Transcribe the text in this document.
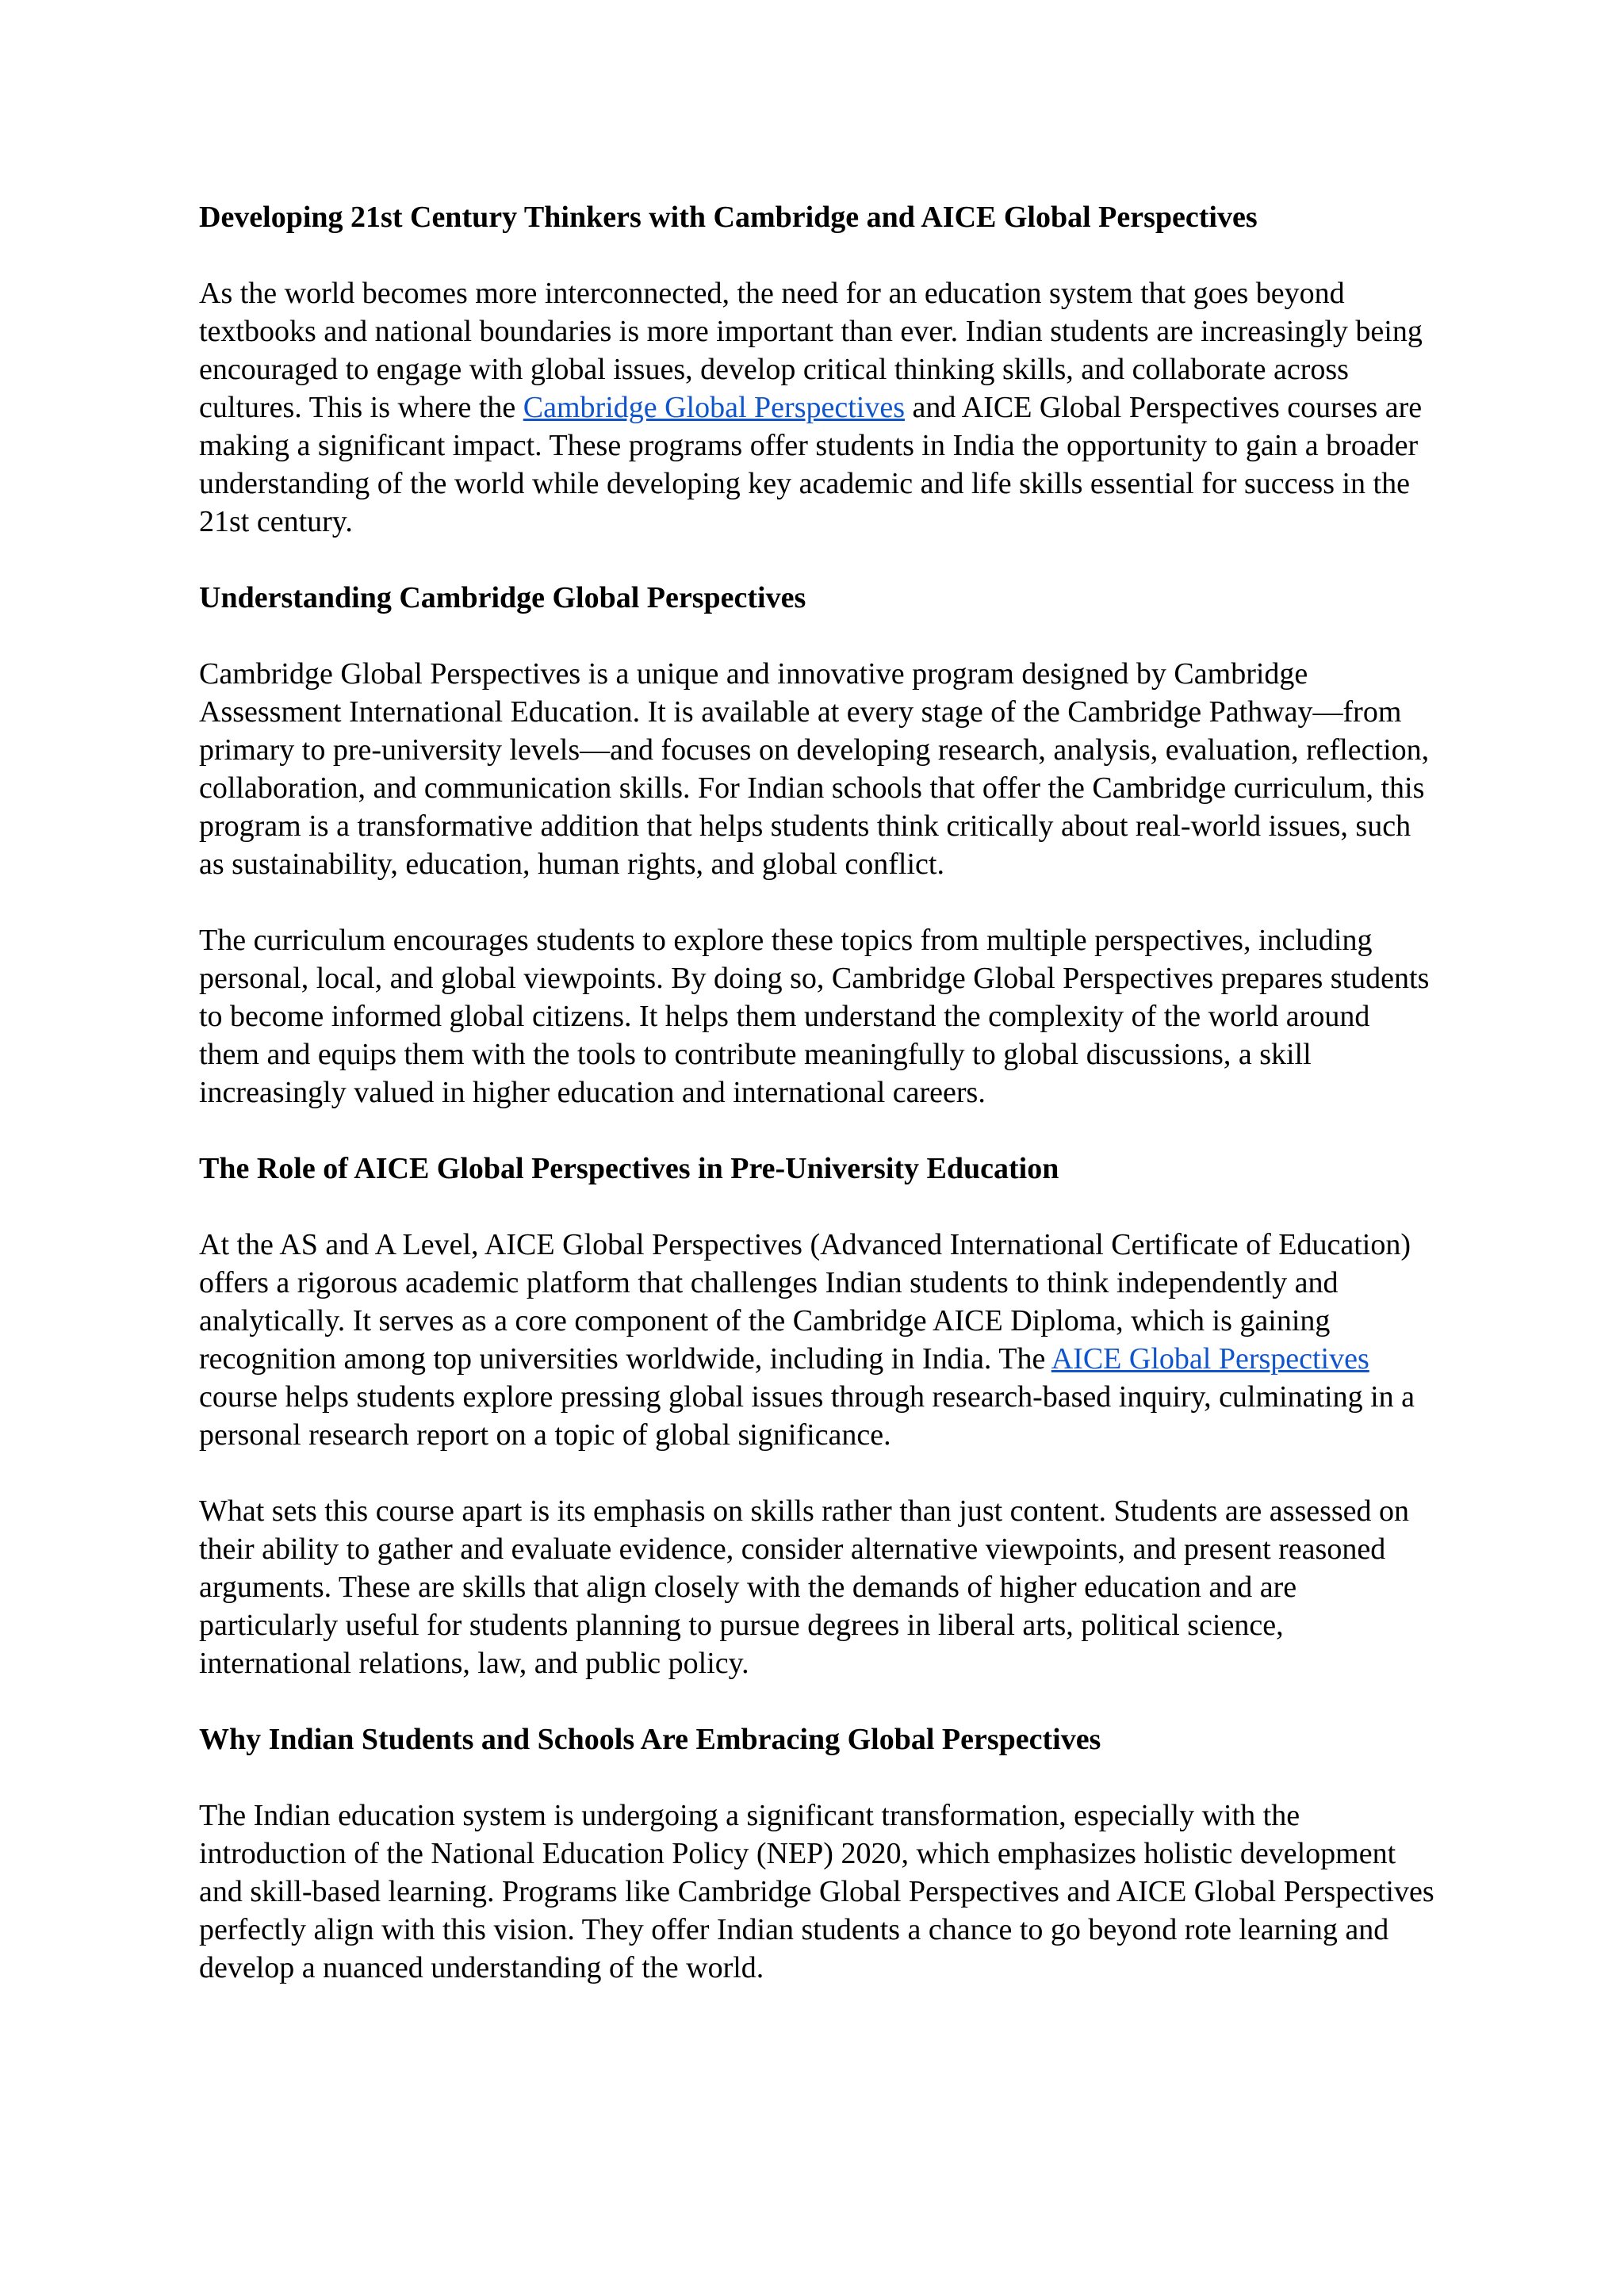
Developing 21st Century Thinkers with Cambridge and AICE Global Perspectives

As the world becomes more interconnected, the need for an education system that goes beyond textbooks and national boundaries is more important than ever. Indian students are increasingly being encouraged to engage with global issues, develop critical thinking skills, and collaborate across cultures. This is where the Cambridge Global Perspectives and AICE Global Perspectives courses are making a significant impact. These programs offer students in India the opportunity to gain a broader understanding of the world while developing key academic and life skills essential for success in the 21st century.

Understanding Cambridge Global Perspectives

Cambridge Global Perspectives is a unique and innovative program designed by Cambridge Assessment International Education. It is available at every stage of the Cambridge Pathway—from primary to pre-university levels—and focuses on developing research, analysis, evaluation, reflection, collaboration, and communication skills. For Indian schools that offer the Cambridge curriculum, this program is a transformative addition that helps students think critically about real-world issues, such as sustainability, education, human rights, and global conflict.

The curriculum encourages students to explore these topics from multiple perspectives, including personal, local, and global viewpoints. By doing so, Cambridge Global Perspectives prepares students to become informed global citizens. It helps them understand the complexity of the world around them and equips them with the tools to contribute meaningfully to global discussions, a skill increasingly valued in higher education and international careers.

The Role of AICE Global Perspectives in Pre-University Education

At the AS and A Level, AICE Global Perspectives (Advanced International Certificate of Education) offers a rigorous academic platform that challenges Indian students to think independently and analytically. It serves as a core component of the Cambridge AICE Diploma, which is gaining recognition among top universities worldwide, including in India. The AICE Global Perspectives course helps students explore pressing global issues through research-based inquiry, culminating in a personal research report on a topic of global significance.

What sets this course apart is its emphasis on skills rather than just content. Students are assessed on their ability to gather and evaluate evidence, consider alternative viewpoints, and present reasoned arguments. These are skills that align closely with the demands of higher education and are particularly useful for students planning to pursue degrees in liberal arts, political science, international relations, law, and public policy.

Why Indian Students and Schools Are Embracing Global Perspectives

The Indian education system is undergoing a significant transformation, especially with the introduction of the National Education Policy (NEP) 2020, which emphasizes holistic development and skill-based learning. Programs like Cambridge Global Perspectives and AICE Global Perspectives perfectly align with this vision. They offer Indian students a chance to go beyond rote learning and develop a nuanced understanding of the world.
